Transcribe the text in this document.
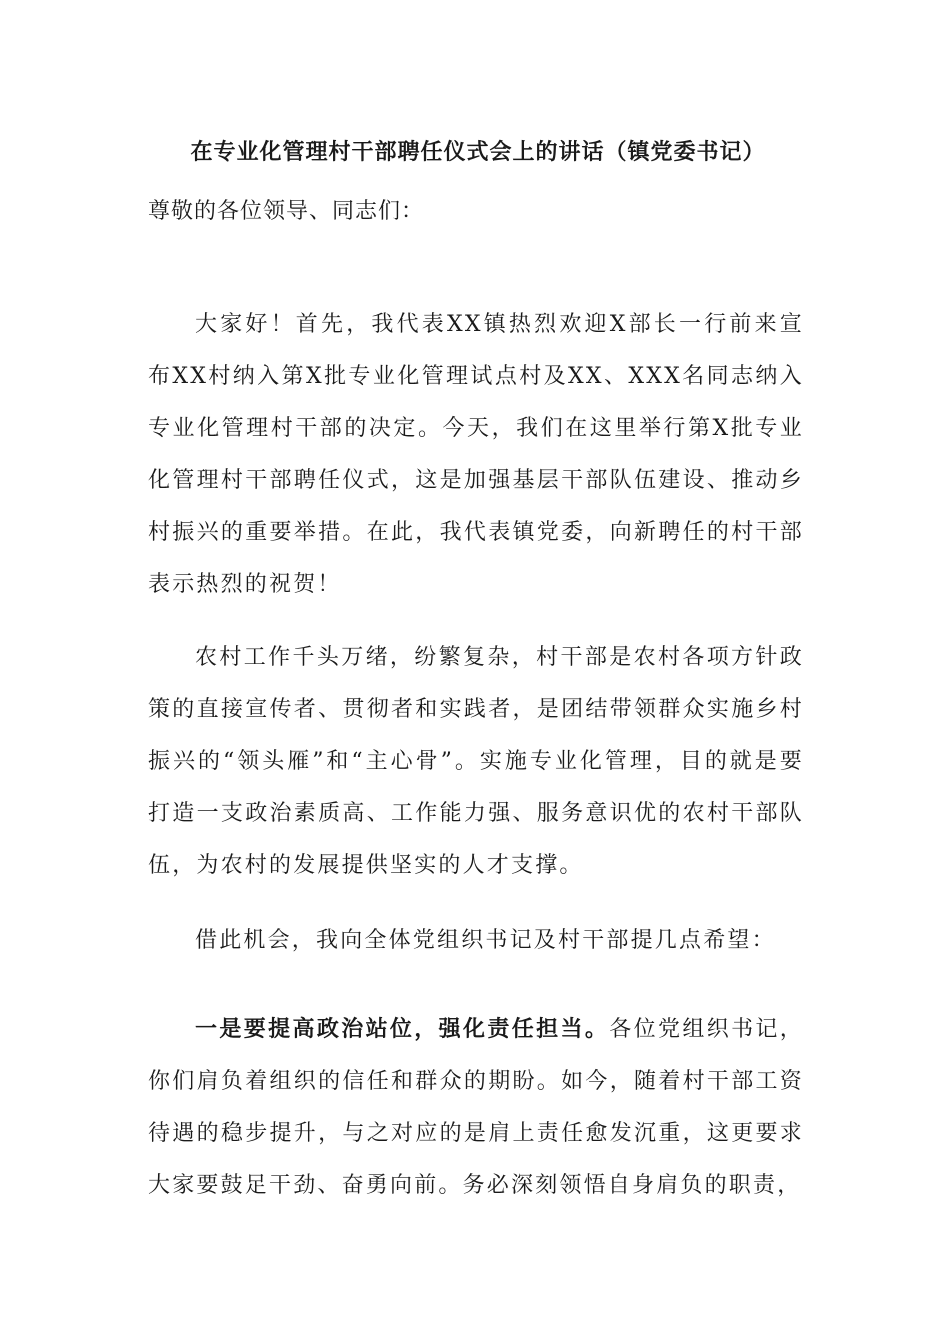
在专业化管理村干部聘任仪式会上的讲话（镇党委书记）

尊敬的各位领导、同志们：

大家好！首先，我代表XX镇热烈欢迎X部长一行前来宣布XX村纳入第X批专业化管理试点村及XX、XXX名同志纳入专业化管理村干部的决定。今天，我们在这里举行第X批专业化管理村干部聘任仪式，这是加强基层干部队伍建设、推动乡村振兴的重要举措。在此，我代表镇党委，向新聘任的村干部表示热烈的祝贺！

农村工作千头万绪，纷繁复杂，村干部是农村各项方针政策的直接宣传者、贯彻者和实践者，是团结带领群众实施乡村振兴的“领头雁”和“主心骨”。实施专业化管理，目的就是要打造一支政治素质高、工作能力强、服务意识优的农村干部队伍，为农村的发展提供坚实的人才支撑。

借此机会，我向全体党组织书记及村干部提几点希望：

一是要提高政治站位，强化责任担当。各位党组织书记，你们肩负着组织的信任和群众的期盼。如今，随着村干部工资待遇的稳步提升，与之对应的是肩上责任愈发沉重，这更要求大家要鼓足干劲、奋勇向前。务必深刻领悟自身肩负的职责，
